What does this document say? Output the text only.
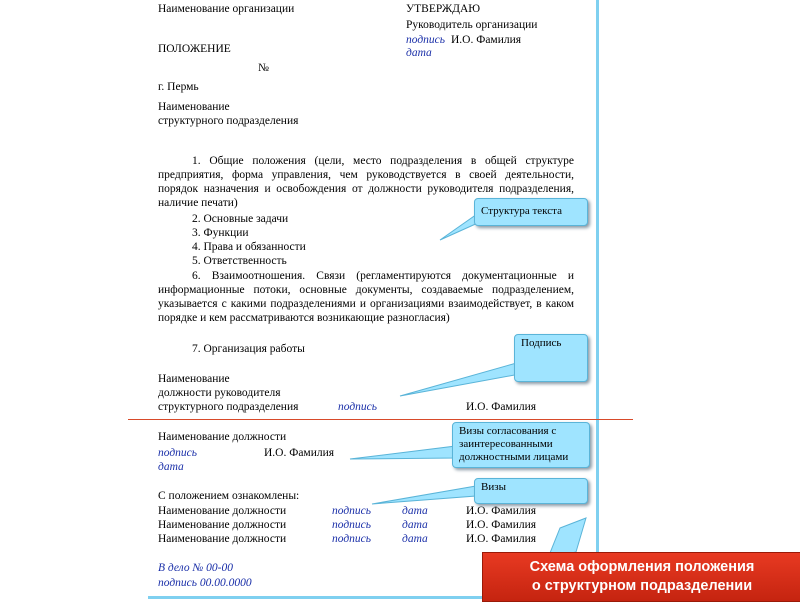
Наименование организации	УТВЕРЖДАЮ
Руководитель организации
подпись И.О. Фамилия
дата
ПОЛОЖЕНИЕ
№
г. Пермь
Наименование
структурного подразделения
1. Общие положения (цели, место подразделения в общей структуре предприятия, форма управления, чем руководствуется в своей деятельности, порядок назначения и освобождения от должности руководителя подразделения, наличие печати)
2. Основные задачи
3. Функции
4. Права и обязанности
5. Ответственность
6. Взаимоотношения. Связи (регламентируются документационные и информационные потоки, основные документы, создаваемые подразделением, указывается с какими подразделениями и организациями взаимодействует, в каком порядке и кем рассматриваются возникающие разногласия)
7. Организация работы
Наименование
должности руководителя
структурного подразделения	подпись	И.О. Фамилия
Наименование должности
подпись	И.О. Фамилия
дата
С положением ознакомлены:
Наименование должности	подпись	дата	И.О. Фамилия
Наименование должности	подпись	дата	И.О. Фамилия
Наименование должности	подпись	дата	И.О. Фамилия
В дело № 00-00
подпись 00.00.0000
Структура текста
Подпись
Визы согласования с заинтересованными должностными лицами
Визы
Схема оформления положения
о структурном подразделении
